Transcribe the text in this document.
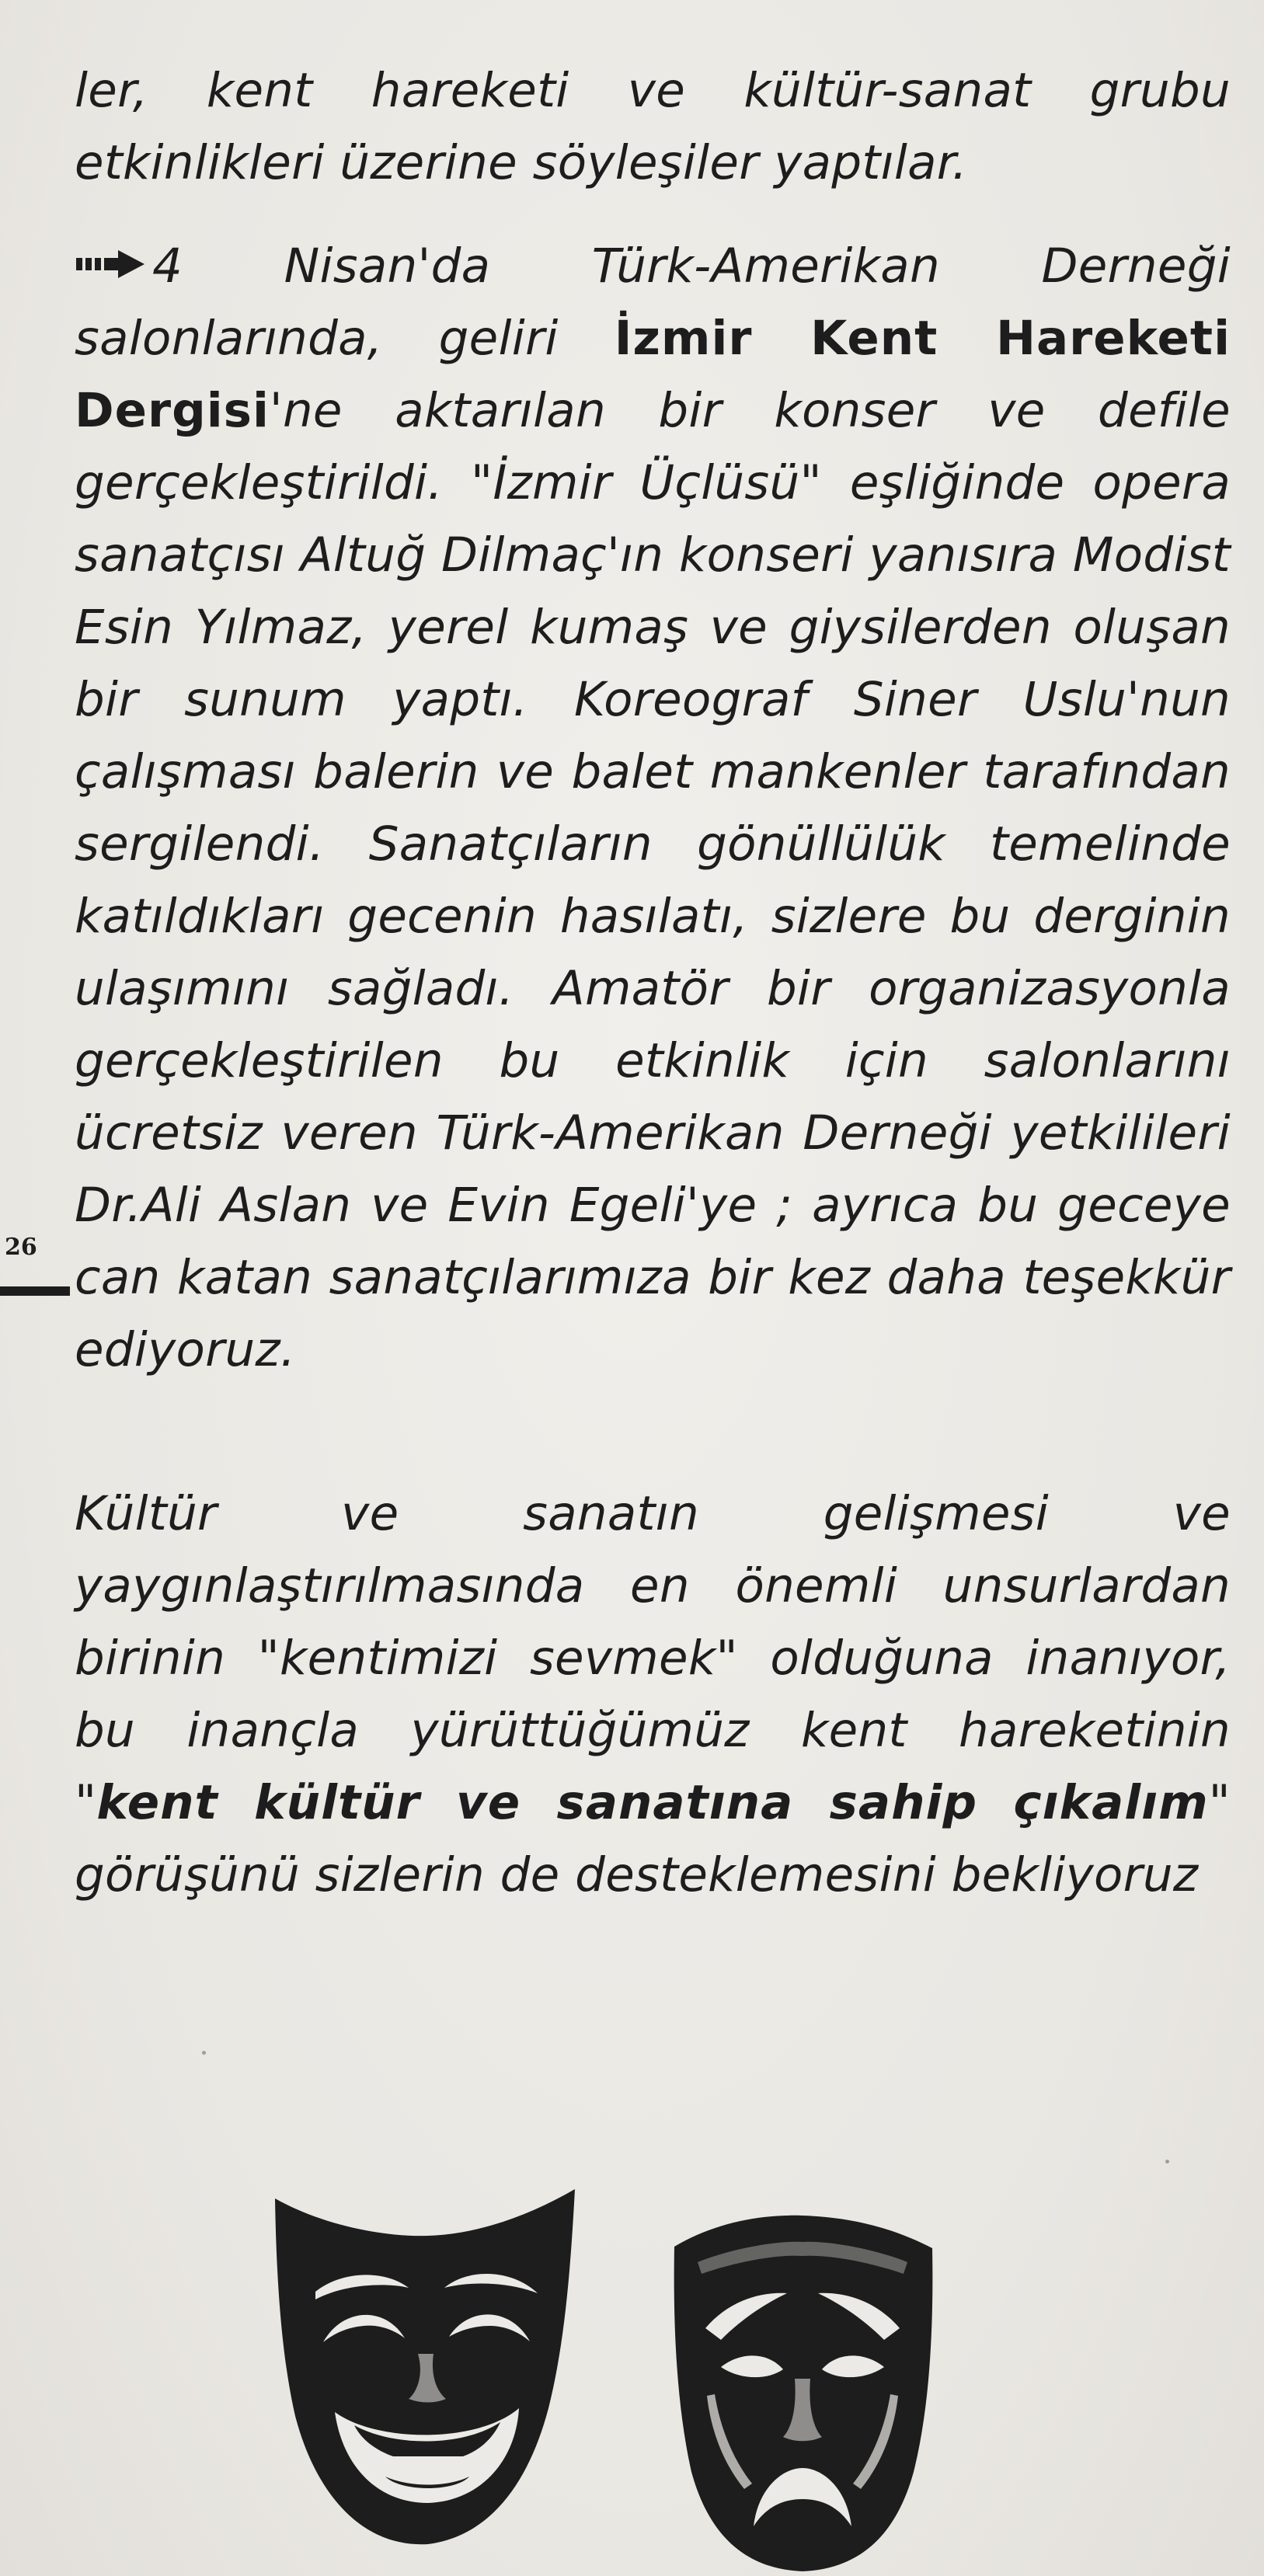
26

ler, kent hareketi ve kültür-sanat grubu etkinlikleri üzerine söyleşiler yaptılar.

4 Nisan'da Türk-Amerikan Derneği salonlarında, geliri İzmir Kent Hareketi Dergisi'ne aktarılan bir konser ve defile gerçekleştirildi. "İzmir Üçlüsü" eşliğinde opera sanatçısı Altuğ Dilmaç'ın konseri yanısıra Modist Esin Yılmaz, yerel kumaş ve giysilerden oluşan bir sunum yaptı. Koreograf Siner Uslu'nun çalışması balerin ve balet mankenler tarafından sergilendi. Sanatçıların gönüllülük temelinde katıldıkları gecenin hasılatı, sizlere bu derginin ulaşımını sağladı. Amatör bir organizasyonla gerçekleştirilen bu etkinlik için salonlarını ücretsiz veren Türk-Amerikan Derneği yetkilileri Dr.Ali Aslan ve Evin Egeli'ye ; ayrıca bu geceye can katan sanatçılarımıza bir kez daha teşekkür ediyoruz.

Kültür ve sanatın gelişmesi ve yaygınlaştırılmasında en önemli unsurlardan birinin "kentimizi sevmek" olduğuna inanıyor, bu inançla yürüttüğümüz kent hareketinin "kent kültür ve sanatına sahip çıkalım" görüşünü sizlerin de desteklemesini bekliyoruz
